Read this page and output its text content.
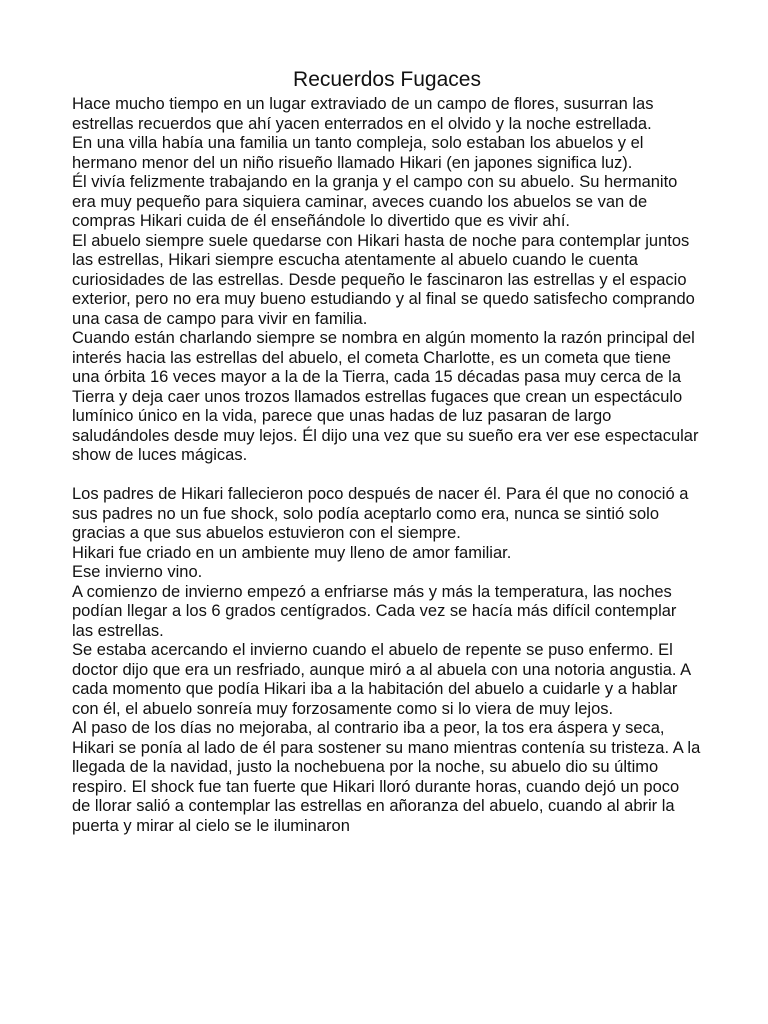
Recuerdos Fugaces

Hace mucho tiempo en un lugar extraviado de un campo de flores, susurran las estrellas recuerdos que ahí yacen enterrados en el olvido y la noche estrellada.

En una villa había una familia un tanto compleja, solo estaban los abuelos y el hermano menor del un niño risueño llamado Hikari (en japones significa luz).

Él vivía felizmente trabajando en la granja y el campo con su abuelo. Su hermanito era muy pequeño para siquiera caminar, aveces cuando los abuelos se van de compras Hikari cuida de él enseñándole lo divertido que es vivir ahí.

El abuelo siempre suele quedarse con Hikari hasta de noche para contemplar juntos las estrellas, Hikari siempre escucha atentamente al abuelo cuando le cuenta curiosidades de las estrellas. Desde pequeño le fascinaron las estrellas y el espacio exterior, pero no era muy bueno estudiando y al final se quedo satisfecho comprando una casa de campo para vivir en familia.

Cuando están charlando siempre se nombra en algún momento la razón principal del interés hacia las estrellas del abuelo, el cometa Charlotte, es un cometa que tiene una órbita 16 veces mayor a la de la Tierra, cada 15 décadas pasa muy cerca de la Tierra y deja caer unos trozos llamados estrellas fugaces que crean un espectáculo lumínico único en la vida, parece que unas hadas de luz pasaran de largo saludándoles desde muy lejos. Él dijo una vez que su sueño era ver ese espectacular show de luces mágicas.

Los padres de Hikari fallecieron poco después de nacer él. Para él que no conoció a sus padres no un fue shock, solo podía aceptarlo como era, nunca se sintió solo gracias a que sus abuelos estuvieron con el siempre.

Hikari fue criado en un ambiente muy lleno de amor familiar.

Ese invierno vino.

A comienzo de invierno empezó a enfriarse más y más la temperatura, las noches podían llegar a los 6 grados centígrados. Cada vez se hacía más difícil contemplar las estrellas.

Se estaba acercando el invierno cuando el abuelo de repente se puso enfermo. El doctor dijo que era un resfriado, aunque miró a al abuela con una notoria angustia. A cada momento que podía Hikari iba a la habitación del abuelo a cuidarle y a hablar con él, el abuelo sonreía muy forzosamente como si lo viera de muy lejos.

Al paso de los días no mejoraba, al contrario iba a peor, la tos era áspera y seca, Hikari se ponía al lado de él para sostener su mano mientras contenía su tristeza. A la llegada de la navidad, justo la nochebuena por la noche, su abuelo dio su último respiro. El shock fue tan fuerte que Hikari lloró durante horas, cuando dejó un poco de llorar salió a contemplar las estrellas en añoranza del abuelo, cuando al abrir la puerta y mirar al cielo se le iluminaron
